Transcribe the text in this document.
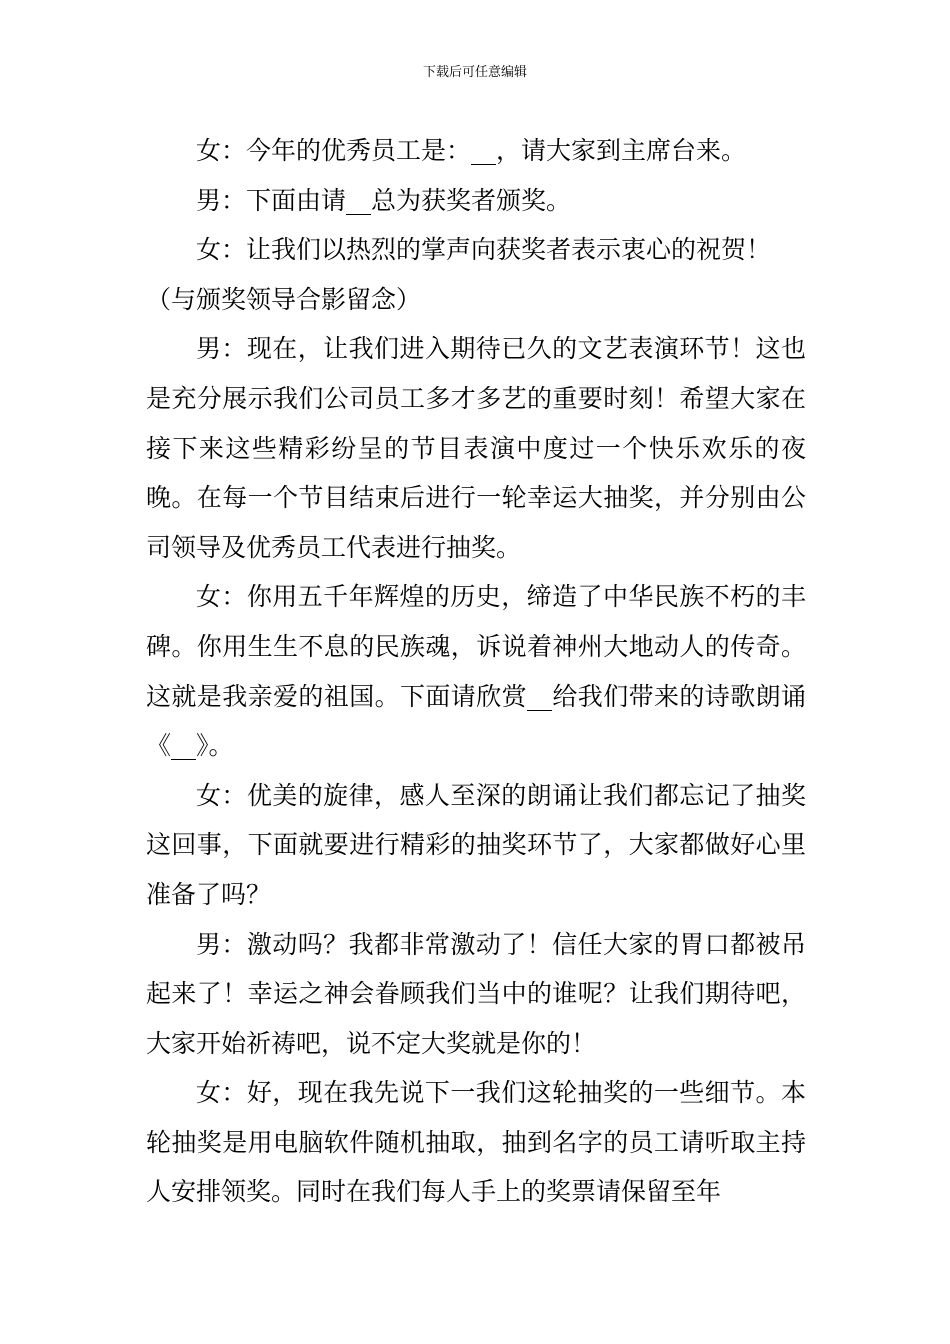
下载后可任意编辑

女：今年的优秀员工是：__，请大家到主席台来。

男：下面由请__总为获奖者颁奖。

女：让我们以热烈的掌声向获奖者表示衷心的祝贺！

（与颁奖领导合影留念）

男：现在，让我们进入期待已久的文艺表演环节！这也是充分展示我们公司员工多才多艺的重要时刻！希望大家在接下来这些精彩纷呈的节目表演中度过一个快乐欢乐的夜晚。在每一个节目结束后进行一轮幸运大抽奖，并分别由公司领导及优秀员工代表进行抽奖。

女：你用五千年辉煌的历史，缔造了中华民族不朽的丰碑。你用生生不息的民族魂，诉说着神州大地动人的传奇。这就是我亲爱的祖国。下面请欣赏__给我们带来的诗歌朗诵《__》。

女：优美的旋律，感人至深的朗诵让我们都忘记了抽奖这回事，下面就要进行精彩的抽奖环节了，大家都做好心里准备了吗？

男：激动吗？我都非常激动了！信任大家的胃口都被吊起来了！幸运之神会眷顾我们当中的谁呢？让我们期待吧，大家开始祈祷吧，说不定大奖就是你的！

女：好，现在我先说下一我们这轮抽奖的一些细节。本轮抽奖是用电脑软件随机抽取，抽到名字的员工请听取主持人安排领奖。同时在我们每人手上的奖票请保留至年
